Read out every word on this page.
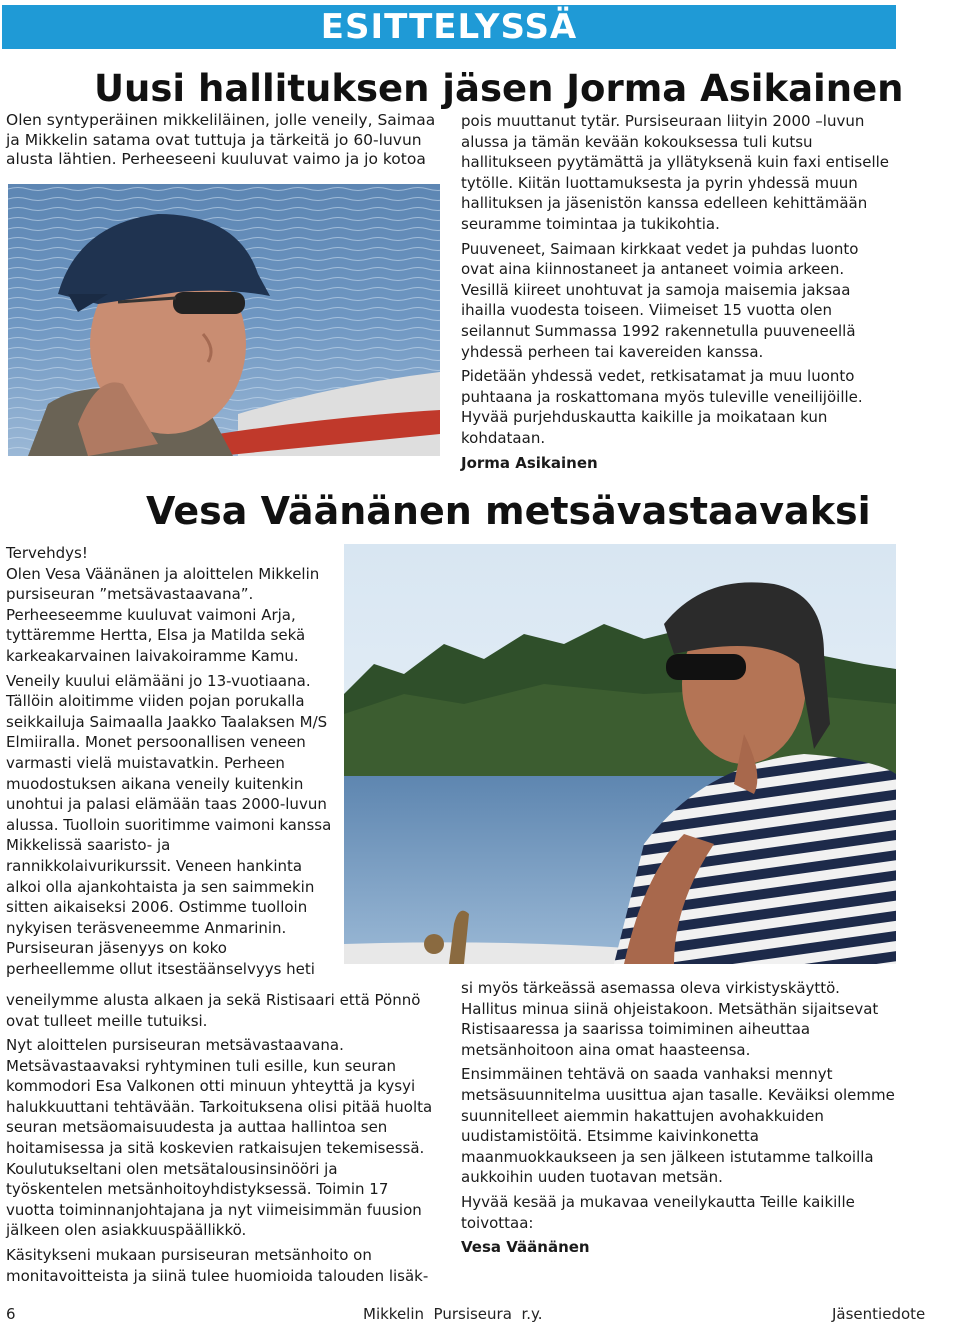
ESITTELYSSÄ
Uusi hallituksen jäsen Jorma Asikainen

Olen syntyperäinen mikkeliläinen, jolle veneily, Saimaa ja Mikkelin satama ovat tuttuja ja tärkeitä jo 60-luvun alusta lähtien. Perheeseeni kuuluvat vaimo ja jo kotoa

pois muuttanut tytär. Pursiseuraan liityin 2000 –luvun alussa ja tämän kevään kokouksessa tuli kutsu hallitukseen pyytämättä ja yllätyksenä kuin faxi entiselle tytölle. Kiitän luottamuksesta ja pyrin yhdessä muun hallituksen ja jäsenistön kanssa edelleen kehittämään seuramme toimintaa ja tukikohtia.

Puuveneet, Saimaan kirkkaat vedet ja puhdas luonto ovat aina kiinnostaneet ja antaneet voimia arkeen. Vesillä kiireet unohtuvat ja samoja maisemia jaksaa ihailla vuodesta toiseen. Viimeiset 15 vuotta olen seilannut Summassa 1992 rakennetulla puuveneellä yhdessä perheen tai kavereiden kanssa.

Pidetään yhdessä vedet, retkisatamat ja muu luonto puhtaana ja roskattomana myös tuleville veneilijöille. Hyvää purjehduskautta kaikille ja moikataan kun kohdataan.

Jorma Asikainen

Vesa Väänänen metsävastaavaksi

Tervehdys!

Olen Vesa Väänänen ja aloittelen Mikkelin pursiseuran ”metsävastaavana”. Perheeseemme kuuluvat vaimoni Arja, tyttäremme Hertta, Elsa ja Matilda sekä karkeakarvainen laivakoiramme Kamu.

Veneily kuului elämääni jo 13-vuotiaana. Tällöin aloitimme viiden pojan porukalla seikkailuja Saimaalla Jaakko Taalaksen M/S Elmiiralla. Monet persoonallisen veneen varmasti vielä muistavatkin. Perheen muodostuksen aikana veneily kuitenkin unohtui ja palasi elämään taas 2000-luvun alussa. Tuolloin suoritimme vaimoni kanssa Mikkelissä saaristo- ja rannikkolaivurikurssit. Veneen hankinta alkoi olla ajankohtaista ja sen saimmekin sitten aikaiseksi 2006. Ostimme tuolloin nykyisen teräsveneemme Anmarinin. Pursiseuran jäsenyys on koko perheellemme ollut itsestäänselvyys heti

veneilymme alusta alkaen ja sekä Ristisaari että Pönnö ovat tulleet meille tutuiksi.

Nyt aloittelen pursiseuran metsävastaavana. Metsävastaavaksi ryhtyminen tuli esille, kun seuran kommodori Esa Valkonen otti minuun yhteyttä ja kysyi halukkuuttani tehtävään. Tarkoituksena olisi pitää huolta seuran metsäomaisuudesta ja auttaa hallintoa sen hoitamisessa ja sitä koskevien ratkaisujen tekemisessä. Koulutukseltani olen metsätalousinsinööri ja työskentelen metsänhoitoyhdistyksessä. Toimin 17 vuotta toiminnanjohtajana ja nyt viimeisimmän fuusion jälkeen olen asiakkuuspäällikkö.

Käsitykseni mukaan pursiseuran metsänhoito on monitavoitteista ja siinä tulee huomioida talouden lisäk-

si myös tärkeässä asemassa oleva virkistyskäyttö. Hallitus minua siinä ohjeistakoon. Metsäthän sijaitsevat Ristisaaressa ja saarissa toimiminen aiheuttaa metsänhoitoon aina omat haasteensa.

Ensimmäinen tehtävä on saada vanhaksi mennyt metsäsuunnitelma uusittua ajan tasalle. Keväiksi olemme suunnitelleet aiemmin hakattujen avohakkuiden uudistamistöitä. Etsimme kaivinkonetta maanmuokkaukseen ja sen jälkeen istutamme talkoilla aukkoihin uuden tuotavan metsän.

Hyvää kesää ja mukavaa veneilykautta Teille kaikille toivottaa:

Vesa Väänänen

6	Mikkelin  Pursiseura  r.y.	Jäsentiedote
